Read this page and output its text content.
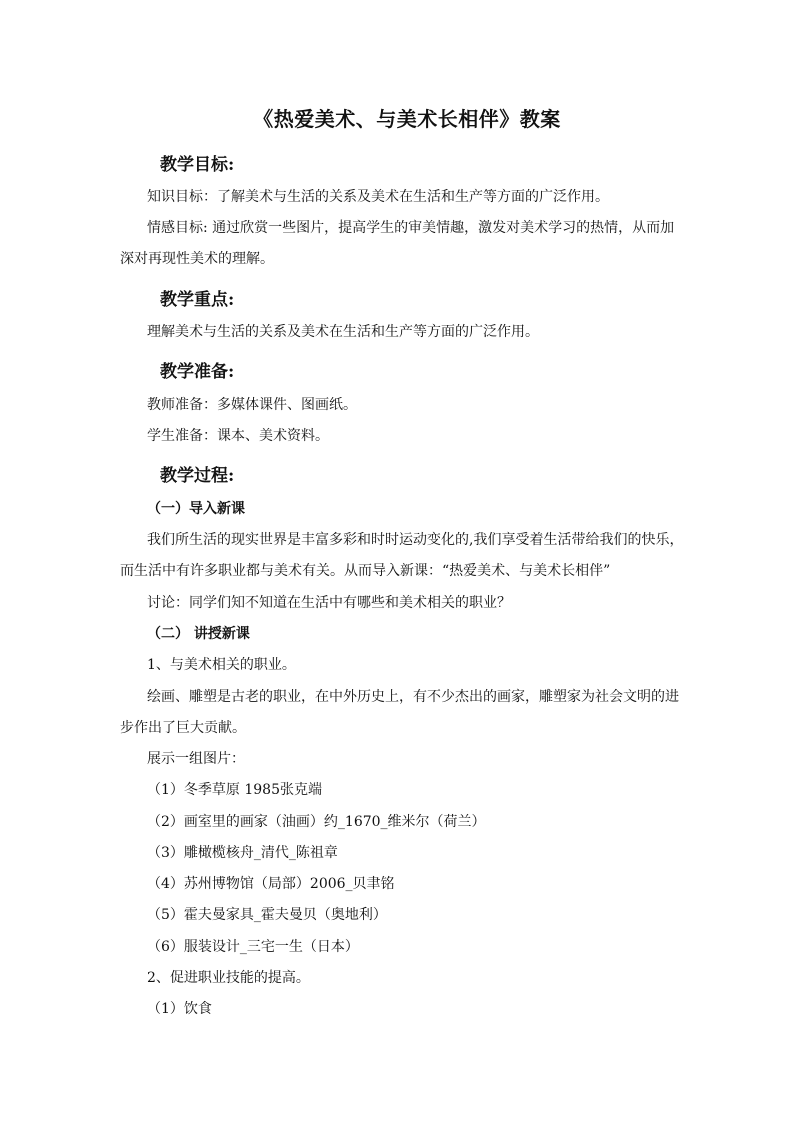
《热爱美术、与美术长相伴》教案
教学目标:
知识目标：了解美术与生活的关系及美术在生活和生产等方面的广泛作用。
情感目标: 通过欣赏一些图片，提高学生的审美情趣，激发对美术学习的热情，从而加
深对再现性美术的理解。
教学重点:
理解美术与生活的关系及美术在生活和生产等方面的广泛作用。
教学准备:
教师准备：多媒体课件、图画纸。
学生准备：课本、美术资料。
教学过程:
（一）导入新课
我们所生活的现实世界是丰富多彩和时时运动变化的,我们享受着生活带给我们的快乐，
而生活中有许多职业都与美术有关。从而导入新课：“热爱美术、与美术长相伴”
讨论：同学们知不知道在生活中有哪些和美术相关的职业？
（二） 讲授新课
1、与美术相关的职业。
绘画、雕塑是古老的职业，在中外历史上，有不少杰出的画家，雕塑家为社会文明的进
步作出了巨大贡献。
展示一组图片：
（1）冬季草原 1985张克端
（2）画室里的画家（油画）约_1670_维米尔（荷兰）
（3）雕橄榄核舟_清代_陈祖章
（4）苏州博物馆（局部）2006_贝聿铭
（5）霍夫曼家具_霍夫曼贝（奥地利）
（6）服装设计_三宅一生（日本）
2、促进职业技能的提高。
（1）饮食
